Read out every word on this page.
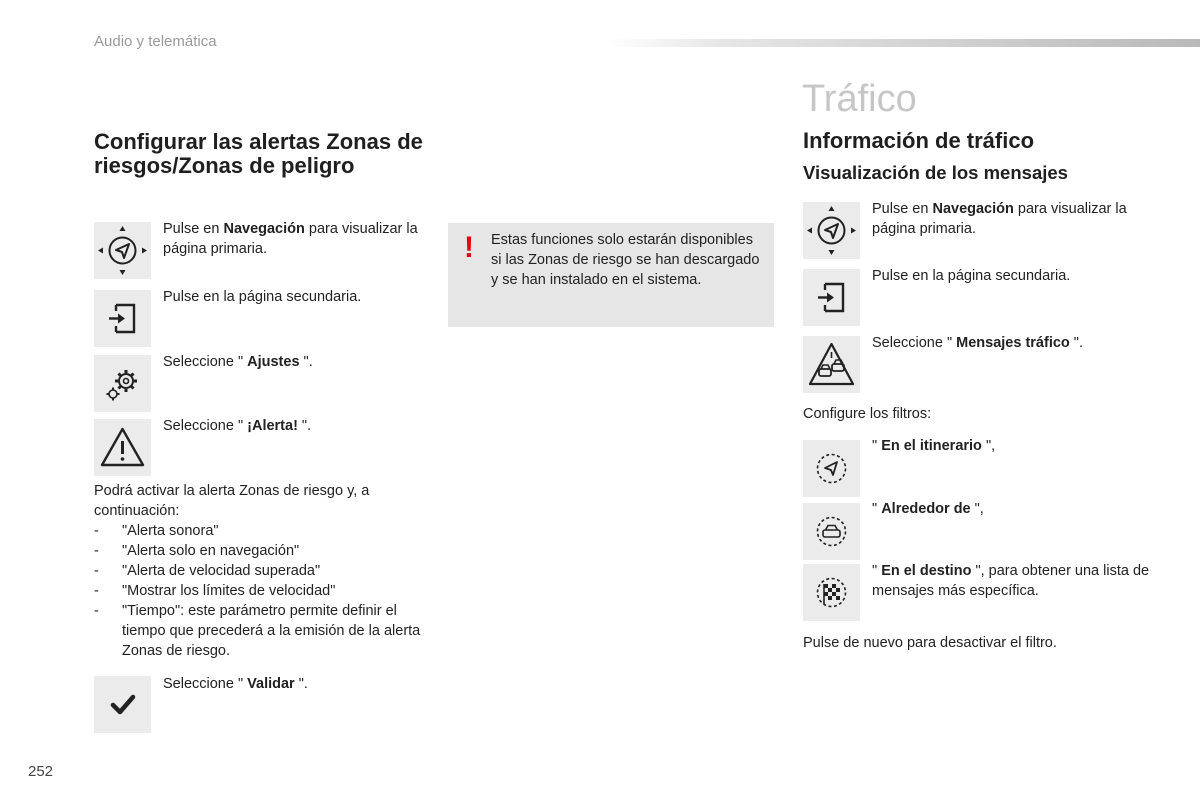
Audio y telemática
Configurar las alertas Zonas de riesgos/Zonas de peligro
Pulse en Navegación para visualizar la página primaria.
Pulse en la página secundaria.
Seleccione " Ajustes ".
Seleccione " ¡Alerta! ".
Podrá activar la alerta Zonas de riesgo y, a continuación:
- "Alerta sonora"
- "Alerta solo en navegación"
- "Alerta de velocidad superada"
- "Mostrar los límites de velocidad"
- "Tiempo": este parámetro permite definir el tiempo que precederá a la emisión de la alerta Zonas de riesgo.
Seleccione " Validar ".
! Estas funciones solo estarán disponibles si las Zonas de riesgo se han descargado y se han instalado en el sistema.
Tráfico
Información de tráfico
Visualización de los mensajes
Pulse en Navegación para visualizar la página primaria.
Pulse en la página secundaria.
Seleccione " Mensajes tráfico ".
Configure los filtros:
" En el itinerario ",
" Alrededor de ",
" En el destino ", para obtener una lista de mensajes más específica.
Pulse de nuevo para desactivar el filtro.
252
